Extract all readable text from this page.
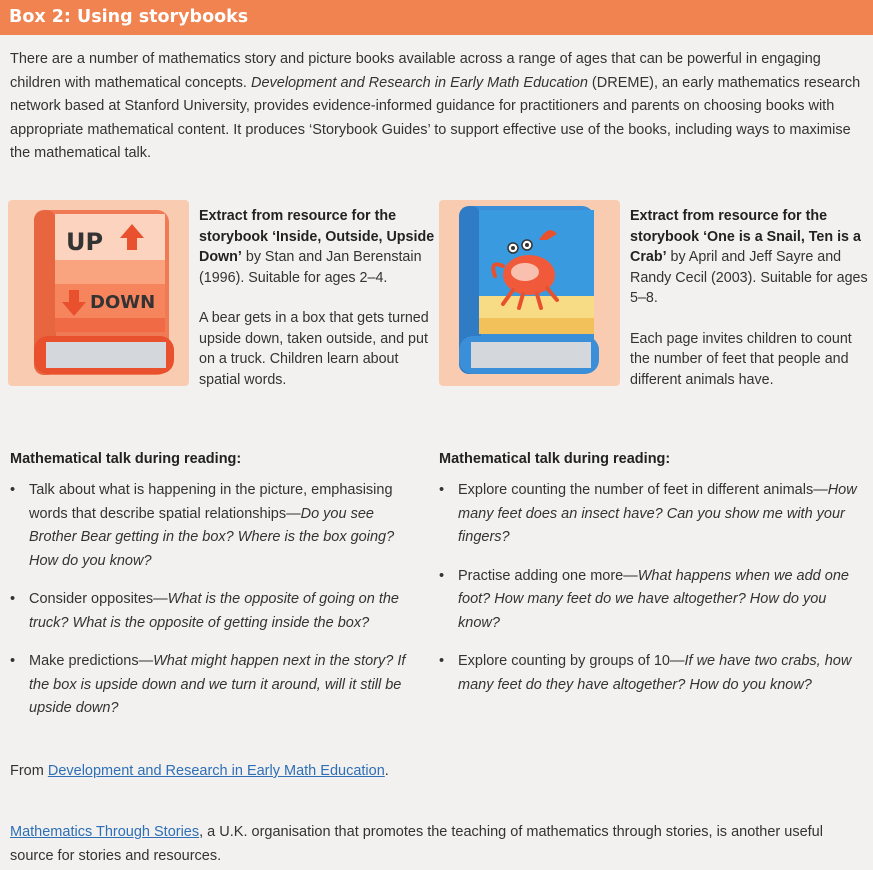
Box 2: Using storybooks

There are a number of mathematics story and picture books available across a range of ages that can be powerful in engaging children with mathematical concepts. Development and Research in Early Math Education (DREME), an early mathematics research network based at Stanford University, provides evidence-informed guidance for practitioners and parents on choosing books with appropriate mathematical content. It produces ‘Storybook Guides’ to support effective use of the books, including ways to maximise the mathematical talk.

UP
DOWN

Extract from resource for the storybook ‘Inside, Outside, Upside Down’ by Stan and Jan Berenstain (1996). Suitable for ages 2–4.

A bear gets in a box that gets turned upside down, taken outside, and put on a truck. Children learn about spatial words.

Extract from resource for the storybook ‘One is a Snail, Ten is a Crab’ by April and Jeff Sayre and Randy Cecil (2003). Suitable for ages 5–8.

Each page invites children to count the number of feet that people and different animals have.

Mathematical talk during reading:
• Talk about what is happening in the picture, emphasising words that describe spatial relationships—Do you see Brother Bear getting in the box? Where is the box going? How do you know?
• Consider opposites—What is the opposite of going on the truck? What is the opposite of getting inside the box?
• Make predictions—What might happen next in the story? If the box is upside down and we turn it around, will it still be upside down?
Mathematical talk during reading:
• Explore counting the number of feet in different animals—How many feet does an insect have? Can you show me with your fingers?
• Practise adding one more—What happens when we add one foot? How many feet do we have altogether? How do you know?
• Explore counting by groups of 10—If we have two crabs, how many feet do they have altogether? How do you know?

From Development and Research in Early Math Education.

Mathematics Through Stories, a U.K. organisation that promotes the teaching of mathematics through stories, is another useful source for stories and resources.
